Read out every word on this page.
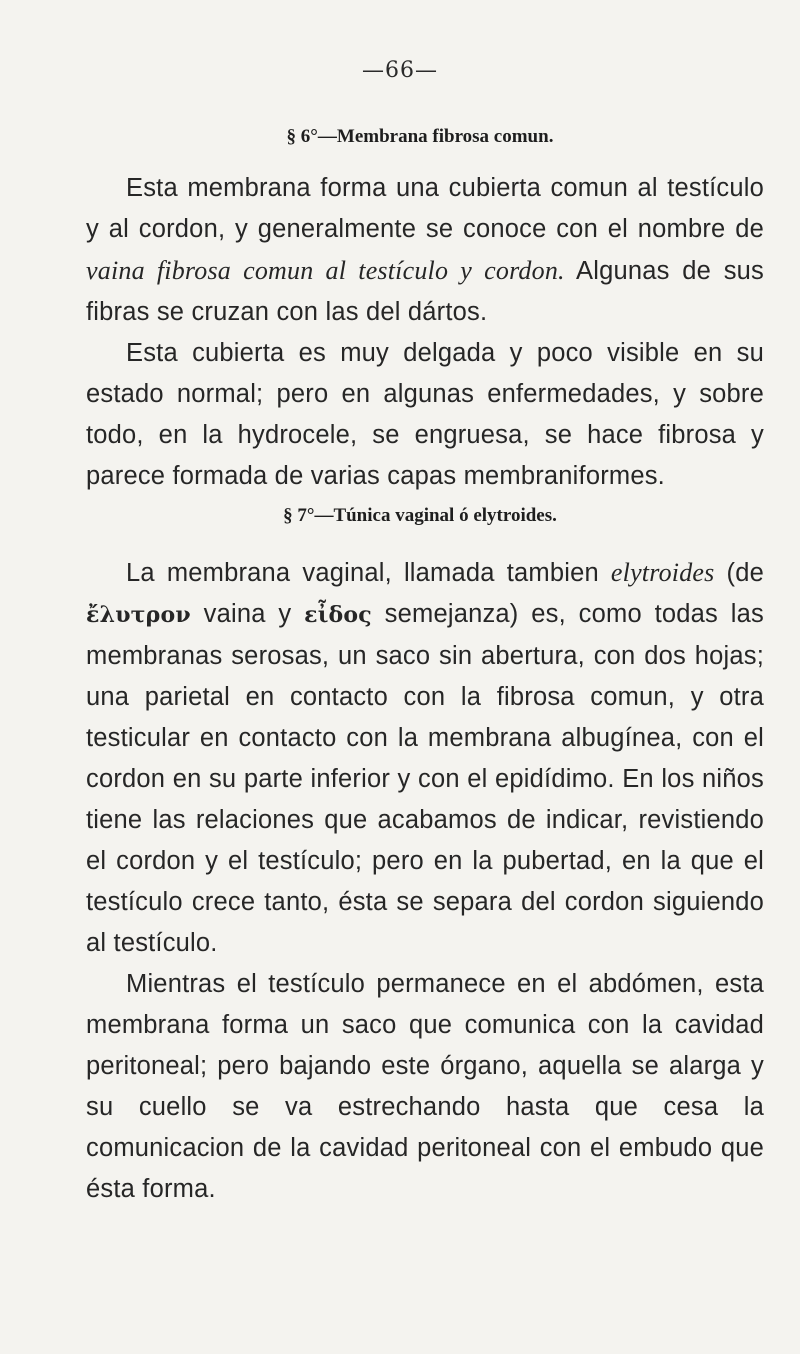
—66—
§ 6°—Membrana fibrosa comun.

Esta membrana forma una cubierta comun al testículo y al cordon, y generalmente se conoce con el nombre de vaina fibrosa comun al testículo y cordon. Algunas de sus fibras se cruzan con las del dártos.

Esta cubierta es muy delgada y poco visible en su estado normal; pero en algunas enfermedades, y sobre todo, en la hydrocele, se engruesa, se hace fibrosa y parece formada de varias capas membraniformes.

§ 7°—Túnica vaginal ó elytroides.

La membrana vaginal, llamada tambien elytroides (de ἔλυτρον vaina y εἶδος semejanza) es, como todas las membranas serosas, un saco sin abertura, con dos hojas; una parietal en contacto con la fibrosa comun, y otra testicular en contacto con la membrana albugínea, con el cordon en su parte inferior y con el epidídimo. En los niños tiene las relaciones que acabamos de indicar, revistiendo el cordon y el testículo; pero en la pubertad, en la que el testículo crece tanto, ésta se separa del cordon siguiendo al testículo.

Mientras el testículo permanece en el abdómen, esta membrana forma un saco que comunica con la cavidad peritoneal; pero bajando este órgano, aquella se alarga y su cuello se va estrechando hasta que cesa la comunicacion de la cavidad peritoneal con el embudo que ésta forma.
